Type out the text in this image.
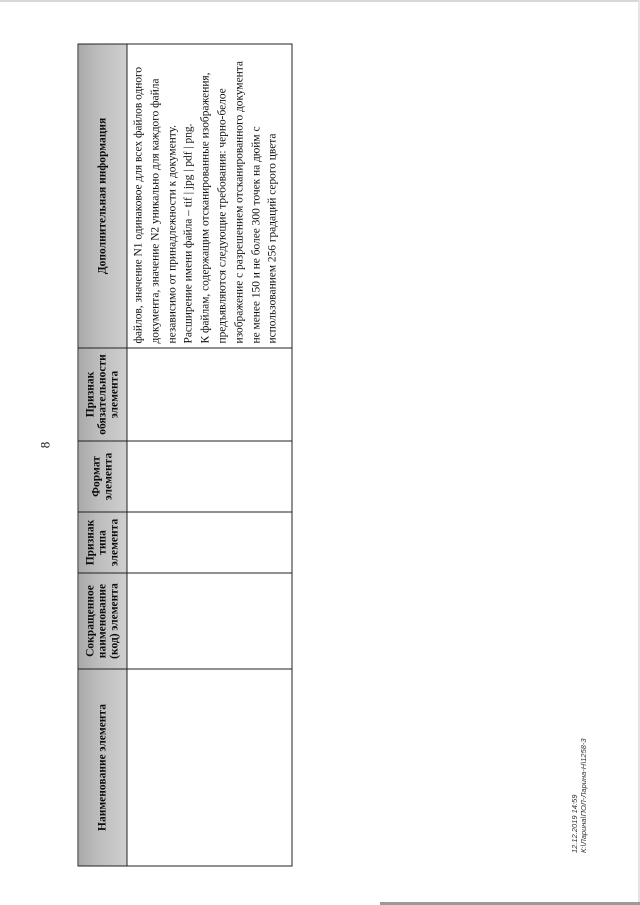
8
Наименование элемента	Сокращенное наименование (код) элемента	Признак типа элемента	Формат элемента	Признак обязательности элемента	Дополнительная информация

					файлов, значение N1 одинаковое для всех файлов одного документа, значение N2 уникально для каждого файла независимо от принадлежности к документу. Расширение имени файла – tif | jpg | pdf | png. К файлам, содержащим отсканированные изображения, предъявляются следующие требования: черно-белое изображение с разрешением отсканированного документа не менее 150 и не более 300 точек на дюйм с использованием 256 градаций серого цвета

12.12.2019 14:59 К:\Ларина\ПОЛ-Ларина-Н\1258-3
